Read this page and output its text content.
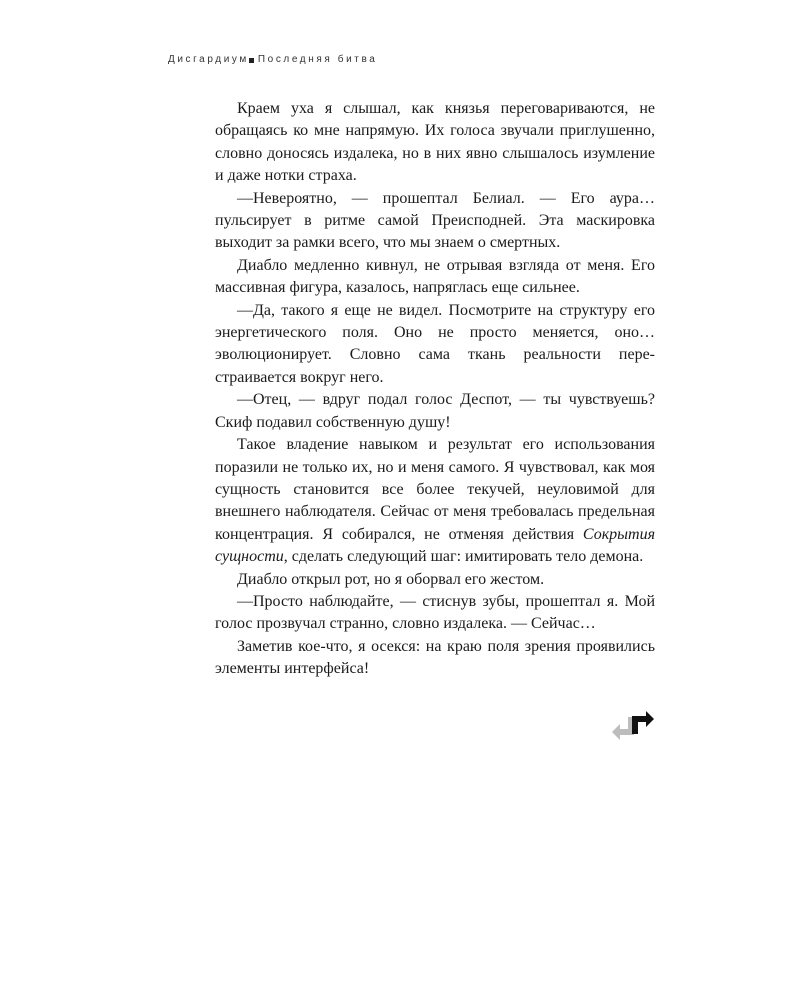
Дисгардиум Последняя битва

Краем уха я слышал, как князья переговариваются, не обращаясь ко мне напрямую. Их голоса звучали приглушенно, словно доносясь издалека, но в них явно слышалось изумление и даже нотки страха.

—Невероятно, — прошептал Белиал. — Его аура… пульсирует в ритме самой Преисподней. Эта маскировка выходит за рамки всего, что мы знаем о смертных.

Диабло медленно кивнул, не отрывая взгляда от меня. Его массивная фигура, казалось, напряглась еще сильнее.

—Да, такого я еще не видел. Посмотрите на структуру его энергетического поля. Оно не просто меняется, оно… эволюционирует. Словно сама ткань реальности перестраивается вокруг него.

—Отец, — вдруг подал голос Деспот, — ты чувствуешь? Скиф подавил собственную душу!

Такое владение навыком и результат его использования поразили не только их, но и меня самого. Я чувствовал, как моя сущность становится все более текучей, неуловимой для внешнего наблюдателя. Сейчас от меня требовалась предельная концентрация. Я собирался, не отменяя действия Сокрытия сущности, сделать следующий шаг: имитировать тело демона.

Диабло открыл рот, но я оборвал его жестом.

—Просто наблюдайте, — стиснув зубы, прошептал я. Мой голос прозвучал странно, словно издалека. — Сейчас…

Заметив кое-что, я осекся: на краю поля зрения проявились элементы интерфейса!
